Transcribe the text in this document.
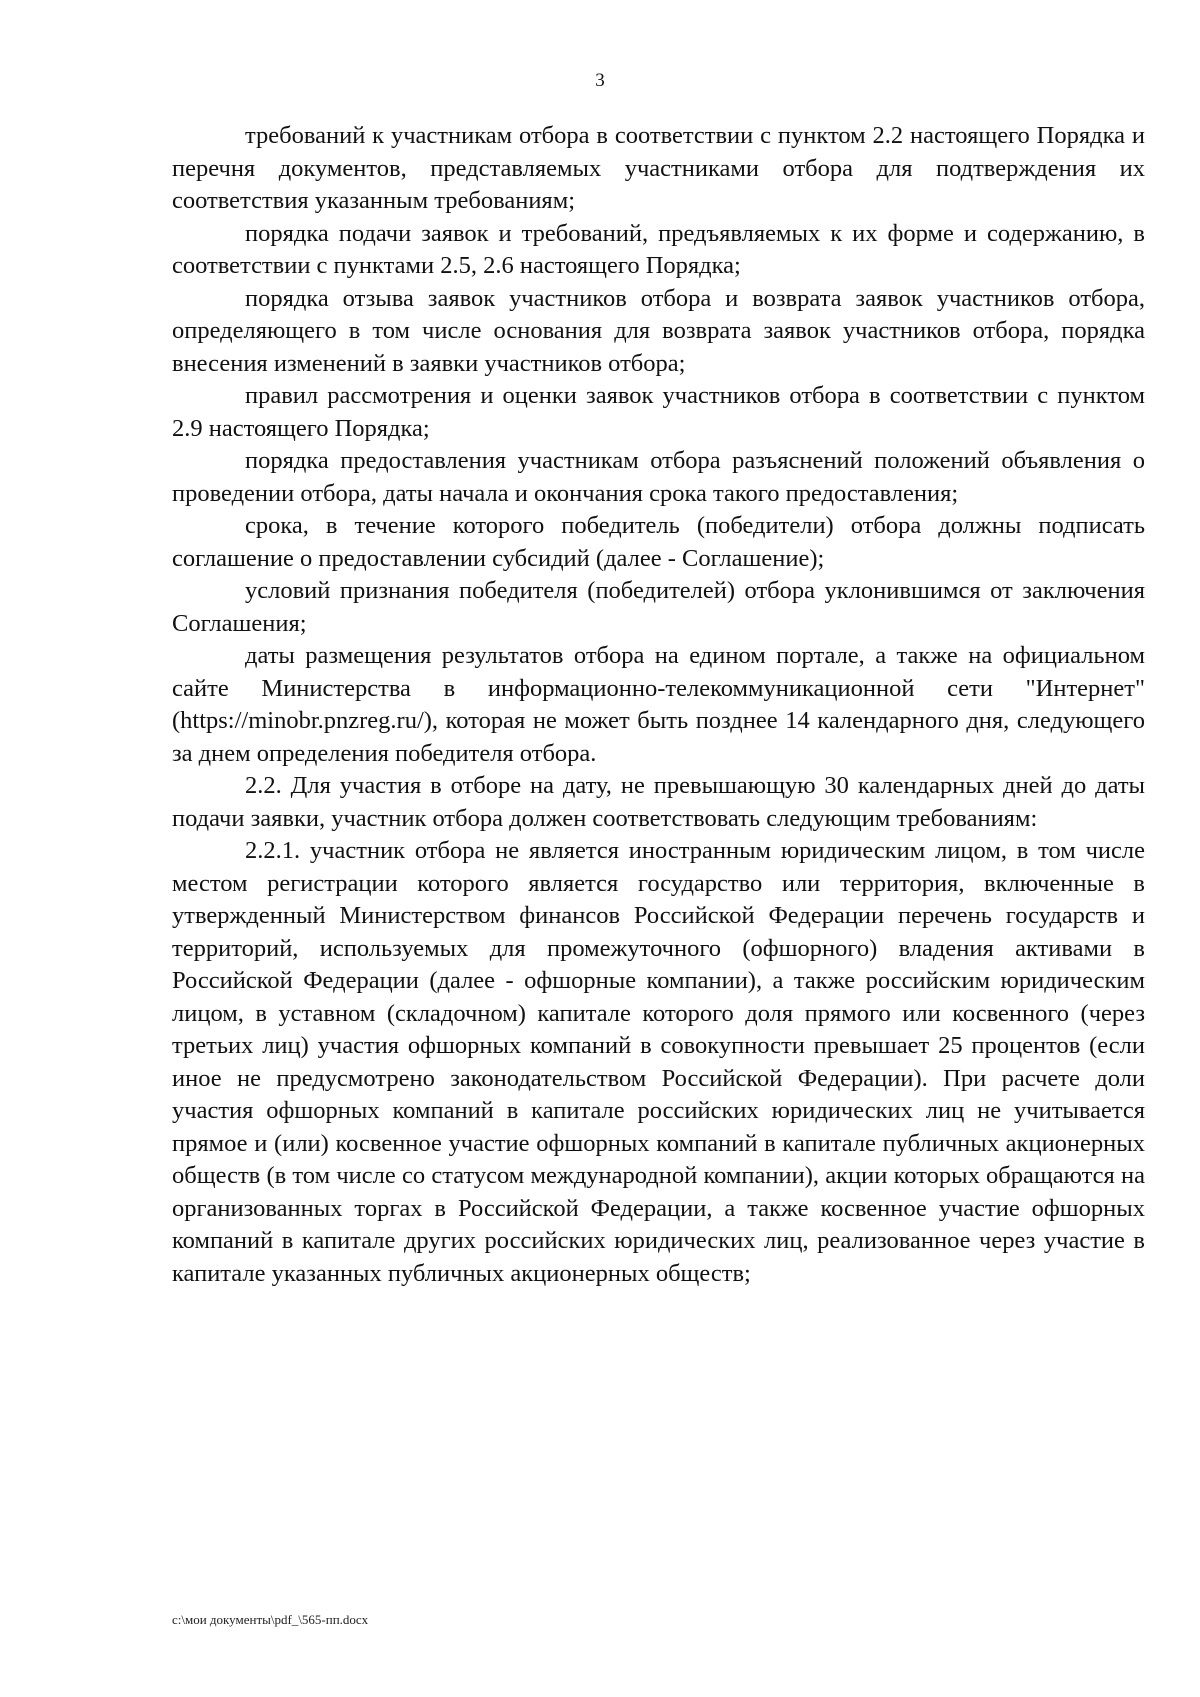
3

требований к участникам отбора в соответствии с пунктом 2.2 настоящего Порядка и перечня документов, представляемых участниками отбора для подтверждения их соответствия указанным требованиям;

порядка подачи заявок и требований, предъявляемых к их форме и содержанию, в соответствии с пунктами 2.5, 2.6 настоящего Порядка;

порядка отзыва заявок участников отбора и возврата заявок участников отбора, определяющего в том числе основания для возврата заявок участников отбора, порядка внесения изменений в заявки участников отбора;

правил рассмотрения и оценки заявок участников отбора в соответствии с пунктом 2.9 настоящего Порядка;

порядка предоставления участникам отбора разъяснений положений объявления о проведении отбора, даты начала и окончания срока такого предоставления;

срока, в течение которого победитель (победители) отбора должны подписать соглашение о предоставлении субсидий (далее - Соглашение);

условий признания победителя (победителей) отбора уклонившимся от заключения Соглашения;

даты размещения результатов отбора на едином портале, а также на официальном сайте Министерства в информационно-телекоммуникационной сети "Интернет" (https://minobr.pnzreg.ru/), которая не может быть позднее 14 календарного дня, следующего за днем определения победителя отбора.

2.2. Для участия в отборе на дату, не превышающую 30 календарных дней до даты подачи заявки, участник отбора должен соответствовать следующим требованиям:

2.2.1. участник отбора не является иностранным юридическим лицом, в том числе местом регистрации которого является государство или территория, включенные в утвержденный Министерством финансов Российской Федерации перечень государств и территорий, используемых для промежуточного (офшорного) владения активами в Российской Федерации (далее - офшорные компании), а также российским юридическим лицом, в уставном (складочном) капитале которого доля прямого или косвенного (через третьих лиц) участия офшорных компаний в совокупности превышает 25 процентов (если иное не предусмотрено законодательством Российской Федерации). При расчете доли участия офшорных компаний в капитале российских юридических лиц не учитывается прямое и (или) косвенное участие офшорных компаний в капитале публичных акционерных обществ (в том числе со статусом международной компании), акции которых обращаются на организованных торгах в Российской Федерации, а также косвенное участие офшорных компаний в капитале других российских юридических лиц, реализованное через участие в капитале указанных публичных акционерных обществ;

c:\мои документы\pdf_\565-пп.docx
